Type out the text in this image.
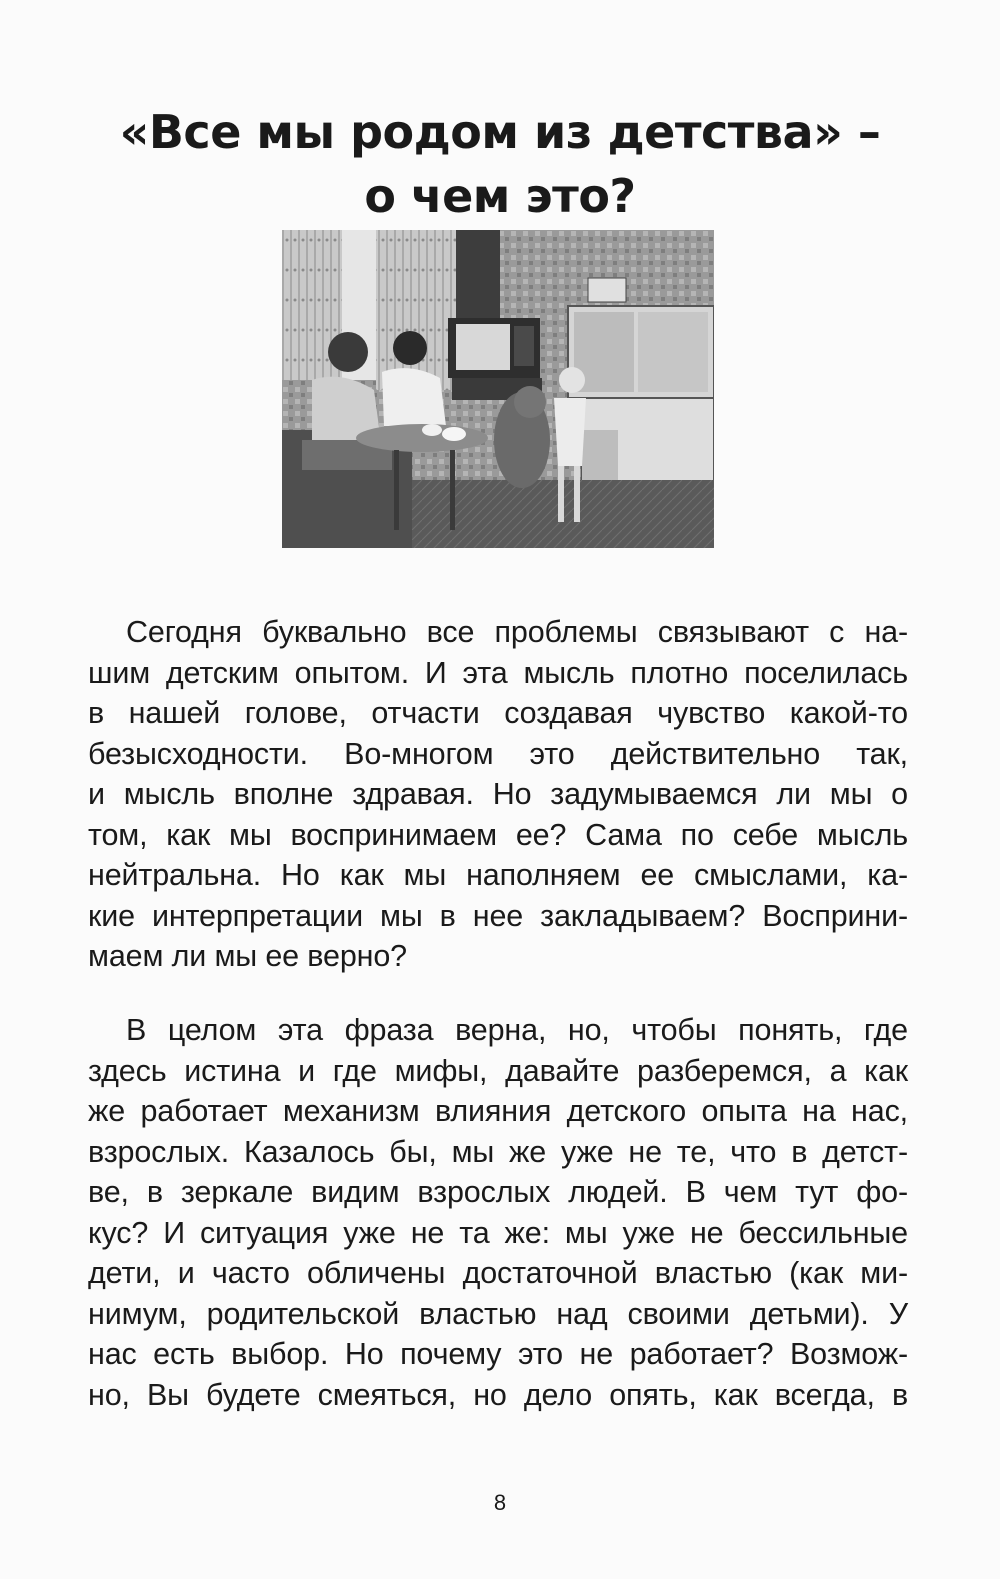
«Все мы родом из детства» –
о чем это?
Сегодня буквально все проблемы связывают с на-
шим детским опытом. И эта мысль плотно поселилась
в нашей голове, отчасти создавая чувство какой-то
безысходности. Во-многом это действительно так,
и мысль вполне здравая. Но задумываемся ли мы о
том, как мы воспринимаем ее? Сама по себе мысль
нейтральна. Но как мы наполняем ее смыслами, ка-
кие интерпретации мы в нее закладываем? Восприни-
маем ли мы ее верно?
В целом эта фраза верна, но, чтобы понять, где
здесь истина и где мифы, давайте разберемся, а как
же работает механизм влияния детского опыта на нас,
взрослых. Казалось бы, мы же уже не те, что в детст-
ве, в зеркале видим взрослых людей. В чем тут фо-
кус? И ситуация уже не та же: мы уже не бессильные
дети, и часто обличены достаточной властью (как ми-
нимум, родительской властью над своими детьми). У
нас есть выбор. Но почему это не работает? Возмож-
но, Вы будете смеяться, но дело опять, как всегда, в
8
